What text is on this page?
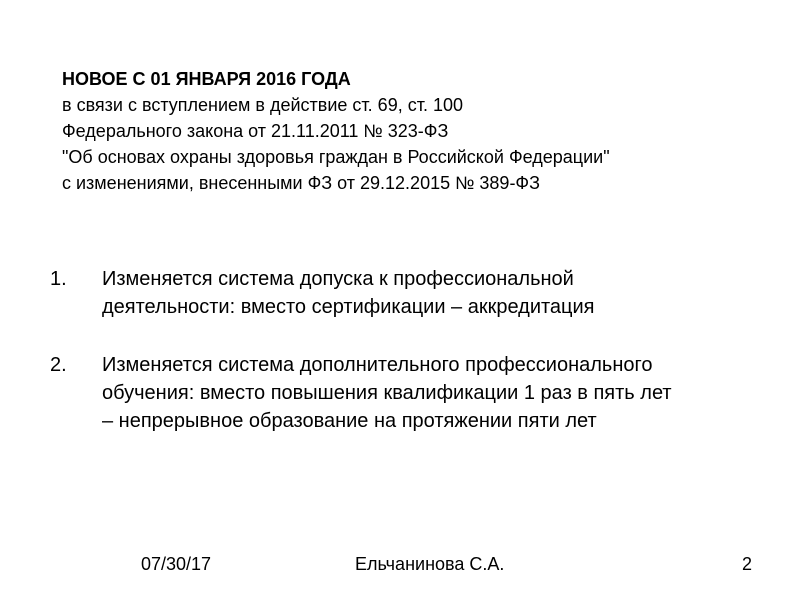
НОВОЕ С 01 ЯНВАРЯ 2016 ГОДА

в связи с вступлением в действие ст. 69, ст. 100

Федерального закона от 21.11.2011 № 323-ФЗ

"Об основах охраны здоровья граждан в Российской Федерации"

с изменениями, внесенными ФЗ от 29.12.2015 № 389-ФЗ

1. Изменяется система допуска к профессиональной
деятельности: вместо сертификации – аккредитация
2. Изменяется система дополнительного профессионального
обучения: вместо повышения квалификации 1 раз в пять лет
– непрерывное образование на протяжении пяти лет
07/30/17	Ельчанинова С.А.	2
